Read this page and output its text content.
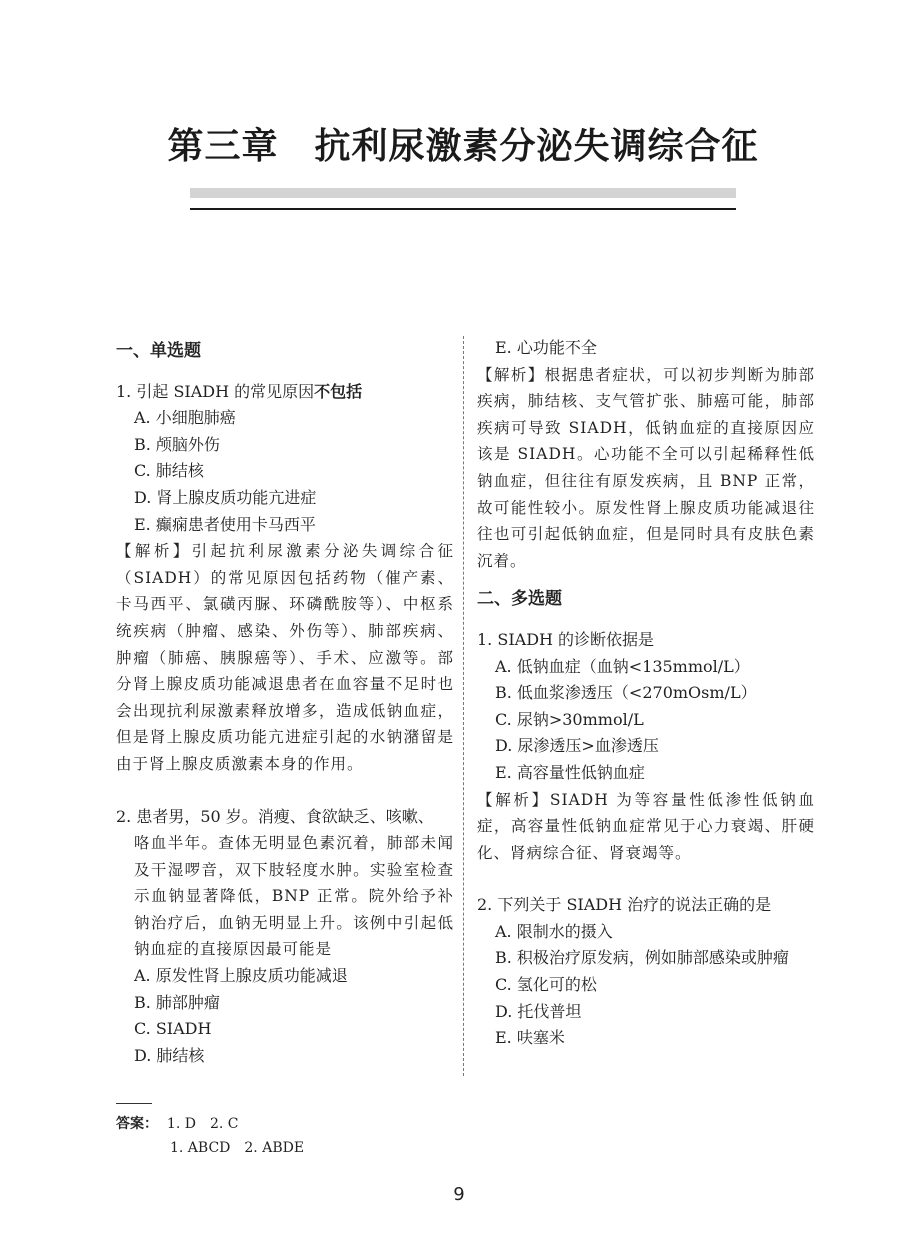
第三章 抗利尿激素分泌失调综合征
一、单选题
1. 引起 SIADH 的常见原因不包括
A. 小细胞肺癌
B. 颅脑外伤
C. 肺结核
D. 肾上腺皮质功能亢进症
E. 癫痫患者使用卡马西平
【解析】引起抗利尿激素分泌失调综合征（SIADH）的常见原因包括药物（催产素、卡马西平、氯磺丙脲、环磷酰胺等）、中枢系统疾病（肿瘤、感染、外伤等）、肺部疾病、肿瘤（肺癌、胰腺癌等）、手术、应激等。部分肾上腺皮质功能减退患者在血容量不足时也会出现抗利尿激素释放增多，造成低钠血症，但是肾上腺皮质功能亢进症引起的水钠潴留是由于肾上腺皮质激素本身的作用。
2. 患者男，50 岁。消瘦、食欲缺乏、咳嗽、
咯血半年。查体无明显色素沉着，肺部未闻及干湿啰音，双下肢轻度水肿。实验室检查示血钠显著降低，BNP 正常。院外给予补钠治疗后，血钠无明显上升。该例中引起低钠血症的直接原因最可能是
A. 原发性肾上腺皮质功能减退
B. 肺部肿瘤
C. SIADH
D. 肺结核
E. 心功能不全
【解析】根据患者症状，可以初步判断为肺部疾病，肺结核、支气管扩张、肺癌可能，肺部疾病可导致 SIADH，低钠血症的直接原因应该是 SIADH。心功能不全可以引起稀释性低钠血症，但往往有原发疾病，且 BNP 正常，故可能性较小。原发性肾上腺皮质功能减退往往也可引起低钠血症，但是同时具有皮肤色素沉着。
二、多选题
1. SIADH 的诊断依据是
A. 低钠血症（血钠<135mmol/L）
B. 低血浆渗透压（<270mOsm/L）
C. 尿钠>30mmol/L
D. 尿渗透压>血渗透压
E. 高容量性低钠血症
【解析】SIADH 为等容量性低渗性低钠血症，高容量性低钠血症常见于心力衰竭、肝硬化、肾病综合征、肾衰竭等。
2. 下列关于 SIADH 治疗的说法正确的是
A. 限制水的摄入
B. 积极治疗原发病，例如肺部感染或肿瘤
C. 氢化可的松
D. 托伐普坦
E. 呋塞米
答案： 1. D　2. C
1. ABCD　2. ABDE
9
